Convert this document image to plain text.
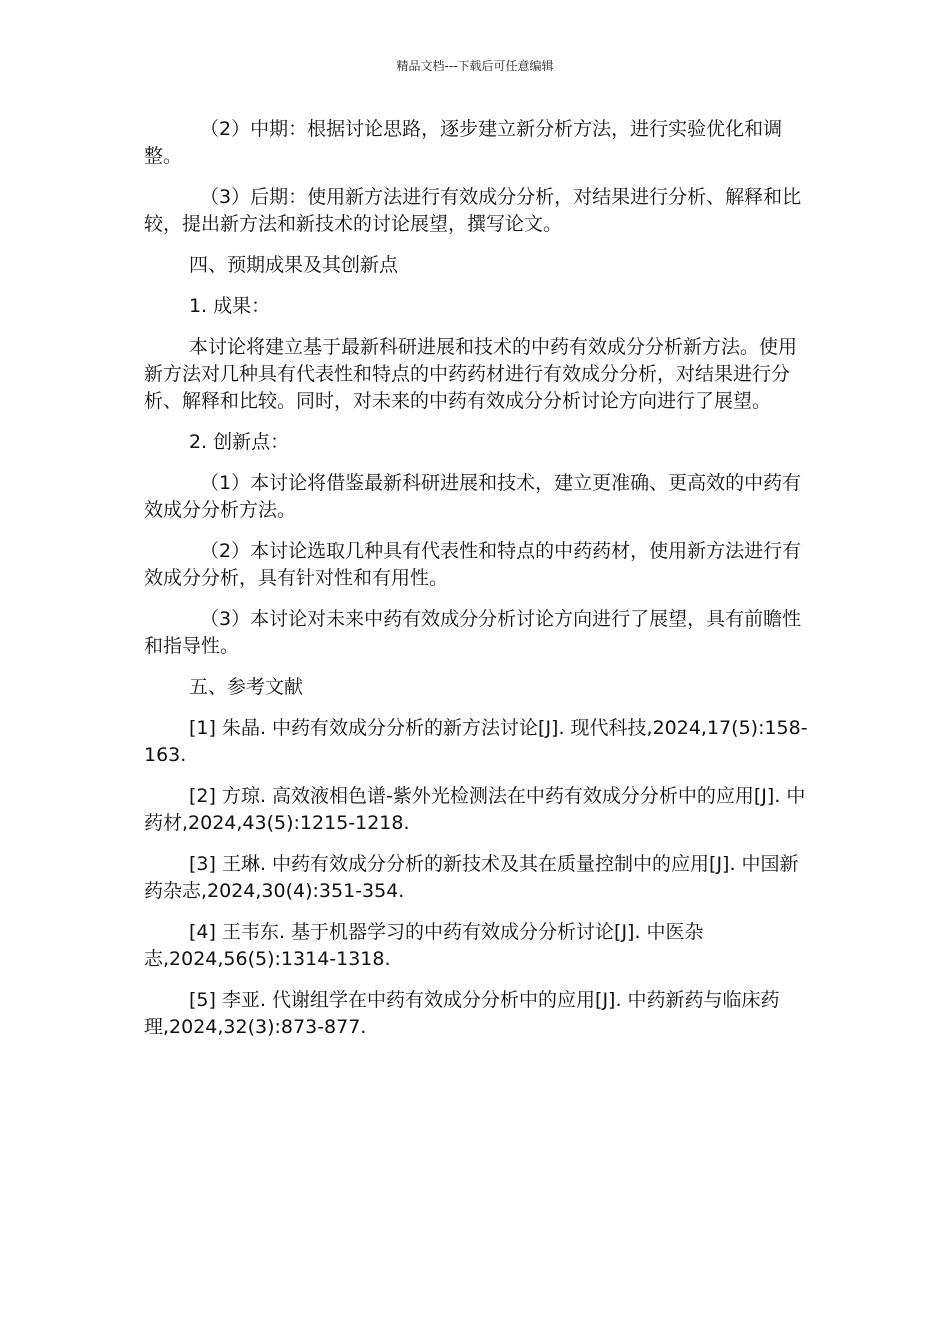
精品文档---下载后可任意编辑

（2）中期：根据讨论思路，逐步建立新分析方法，进行实验优化和调整。

（3）后期：使用新方法进行有效成分分析，对结果进行分析、解释和比较，提出新方法和新技术的讨论展望，撰写论文。

四、预期成果及其创新点

1. 成果：

本讨论将建立基于最新科研进展和技术的中药有效成分分析新方法。使用新方法对几种具有代表性和特点的中药药材进行有效成分分析，对结果进行分析、解释和比较。同时，对未来的中药有效成分分析讨论方向进行了展望。

2. 创新点：

（1）本讨论将借鉴最新科研进展和技术，建立更准确、更高效的中药有效成分分析方法。

（2）本讨论选取几种具有代表性和特点的中药药材，使用新方法进行有效成分分析，具有针对性和有用性。

（3）本讨论对未来中药有效成分分析讨论方向进行了展望，具有前瞻性和指导性。

五、参考文献

[1] 朱晶. 中药有效成分分析的新方法讨论[J]. 现代科技,2024,17(5):158-163.

[2] 方琼. 高效液相色谱-紫外光检测法在中药有效成分分析中的应用[J]. 中药材,2024,43(5):1215-1218.

[3] 王琳. 中药有效成分分析的新技术及其在质量控制中的应用[J]. 中国新药杂志,2024,30(4):351-354.

[4] 王韦东. 基于机器学习的中药有效成分分析讨论[J]. 中医杂志,2024,56(5):1314-1318.

[5] 李亚. 代谢组学在中药有效成分分析中的应用[J]. 中药新药与临床药理,2024,32(3):873-877.
